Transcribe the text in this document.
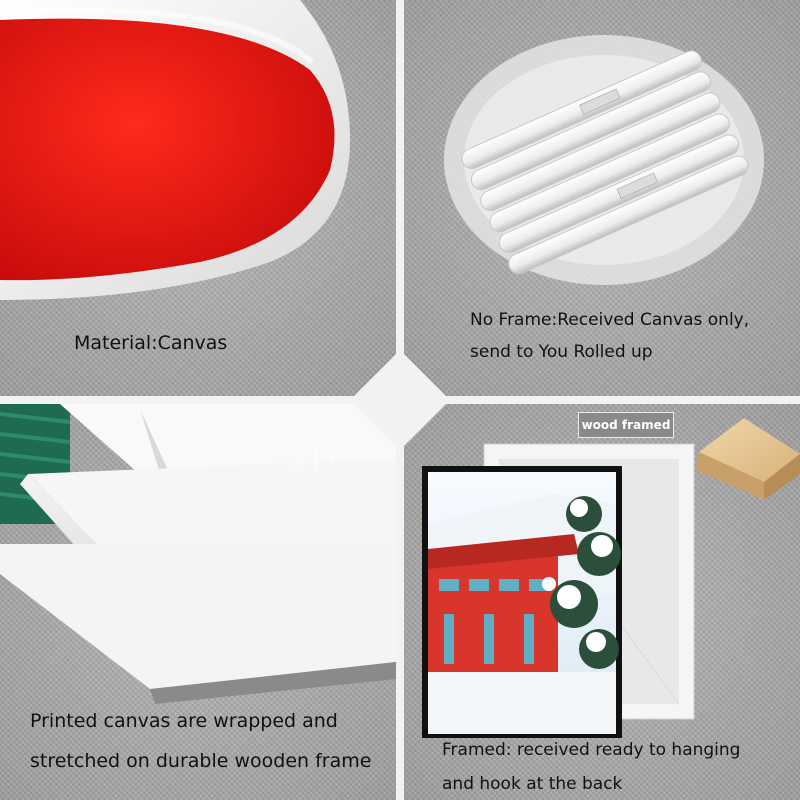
Material:Canvas
No Frame:Received Canvas only,
send to You Rolled up
Printed canvas are wrapped and
stretched on durable wooden frame
wood framed
Framed: received ready to hanging
and hook at the back
2D
